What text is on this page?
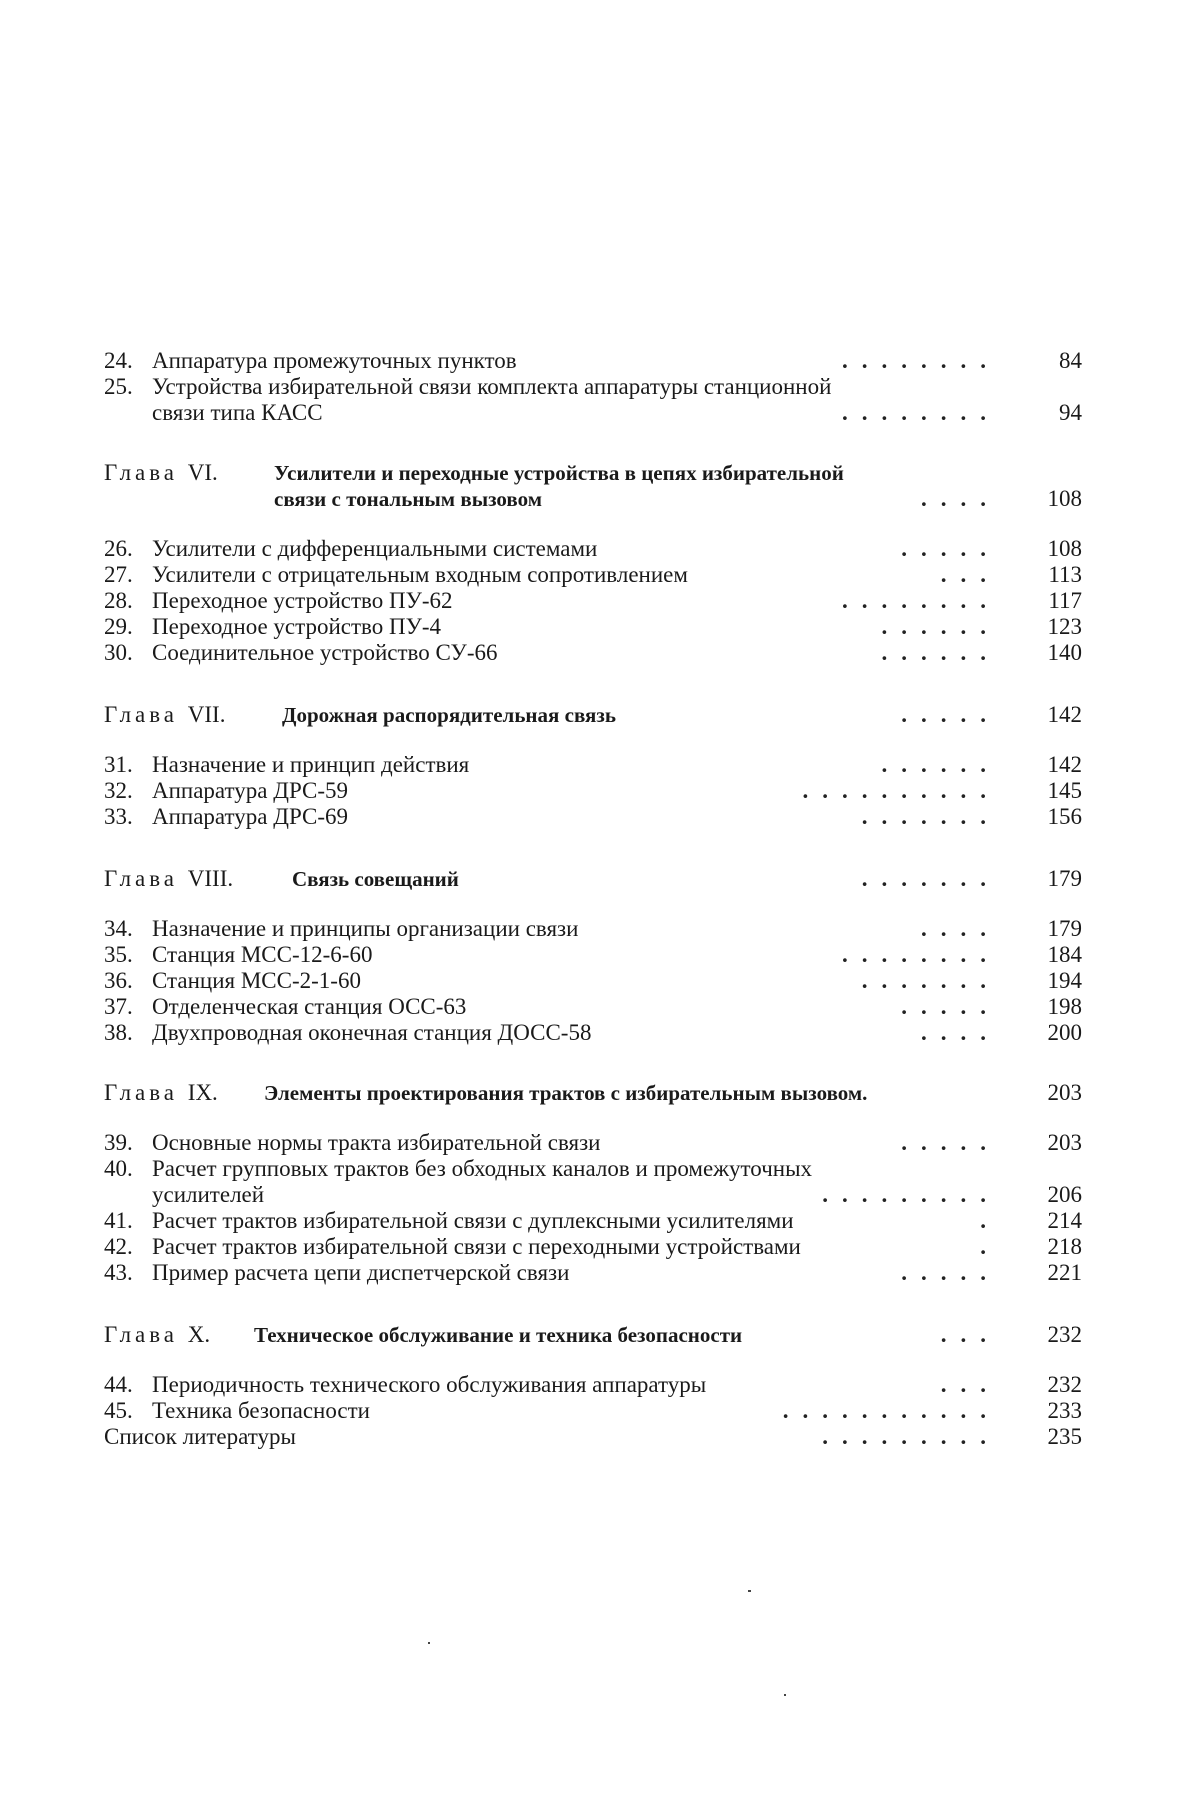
24. Аппаратура промежуточных пунктов	........	84
25. Устройства избирательной связи комплекта аппаратуры станционной
связи типа КАСС	........	94
Глава VI.	Усилители и переходные устройства в цепях избирательной
связи с тональным вызовом	.... 108
26. Усилители с дифференциальными системами	..... 108
27. Усилители с отрицательным входным сопротивлением	... 113
28. Переходное устройство ПУ-62	........ 117
29. Переходное устройство ПУ-4	...... 123
30. Соединительное устройство СУ-66	...... 140
Глава VII.	Дорожная распорядительная связь	..... 142
31. Назначение и принцип действия	...... 142
32. Аппаратура ДРС-59	.......... 145
33. Аппаратура ДРС-69	....... 156
Глава VIII.	Связь совещаний	....... 179
34. Назначение и принципы организации связи	.... 179
35. Станция МСС-12-6-60	........ 184
36. Станция МСС-2-1-60	....... 194
37. Отделенческая станция ОСС-63	..... 198
38. Двухпроводная оконечная станция ДОСС-58	.... 200
Глава IX. Элементы проектирования трактов с избирательным вызовом.	203
39. Основные нормы тракта избирательной связи	..... 203
40. Расчет групповых трактов без обходных каналов и промежуточных
усилителей	......... 206
41. Расчет трактов избирательной связи с дуплексными усилителями	. 214
42. Расчет трактов избирательной связи с переходными устройствами	. 218
43. Пример расчета цепи диспетчерской связи	..... 221
Глава X. Техническое обслуживание и техника безопасности	... 232
44. Периодичность технического обслуживания аппаратуры	... 232
45. Техника безопасности	........... 233
Список литературы	......... 235
